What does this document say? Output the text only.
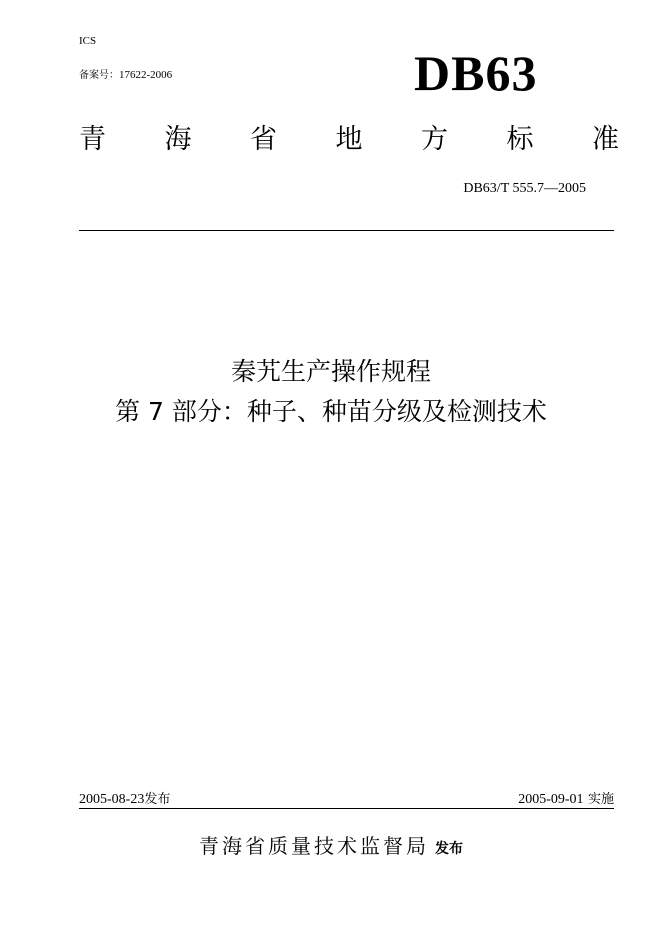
ICS
备案号：17622-2006	DB63
青 海 省 地 方 标 准
DB63/T 555.7—2005
秦艽生产操作规程
第 7 部分：种子、种苗分级及检测技术
2005-08-23发布	2005-09-01 实施
青海省质量技术监督局 发布
